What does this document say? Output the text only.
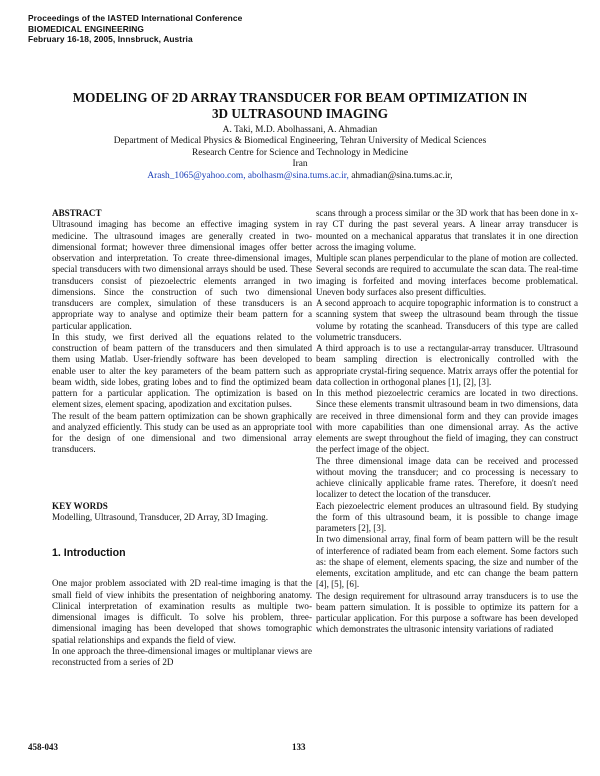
Proceedings of the IASTED International Conference
BIOMEDICAL ENGINEERING
February 16-18, 2005, Innsbruck, Austria
MODELING OF 2D ARRAY TRANSDUCER FOR BEAM OPTIMIZATION IN
3D ULTRASOUND IMAGING
A. Taki, M.D. Abolhassani, A. Ahmadian
Department of Medical Physics & Biomedical Engineering, Tehran University of Medical Sciences
Research Centre for Science and Technology in Medicine
Iran
Arash_1065@yahoo.com, abolhasm@sina.tums.ac.ir, ahmadian@sina.tums.ac.ir,

ABSTRACT

Ultrasound imaging has become an effective imaging system in medicine. The ultrasound images are generally created in two-dimensional format; however three dimensional images offer better observation and interpretation. To create three-dimensional images, special transducers with two dimensional arrays should be used. These transducers consist of piezoelectric elements arranged in two dimensions. Since the construction of such two dimensional transducers are complex, simulation of these transducers is an appropriate way to analyse and optimize their beam pattern for a particular application.

In this study, we first derived all the equations related to the construction of beam pattern of the transducers and then simulated them using Matlab. User-friendly software has been developed to enable user to alter the key parameters of the beam pattern such as beam width, side lobes, grating lobes and to find the optimized beam pattern for a particular application. The optimization is based on element sizes, element spacing, apodization and excitation pulses.

The result of the beam pattern optimization can be shown graphically and analyzed efficiently. This study can be used as an appropriate tool for the design of one dimensional and two dimensional array transducers.

KEY WORDS

Modelling, Ultrasound, Transducer, 2D Array, 3D Imaging.

1. Introduction

One major problem associated with 2D real-time imaging is that the small field of view inhibits the presentation of neighboring anatomy. Clinical interpretation of examination results as multiple two-dimensional images is difficult. To solve his problem, three-dimensional imaging has been developed that shows tomographic spatial relationships and expands the field of view.

In one approach the three-dimensional images or multiplanar views are reconstructed from a series of 2D

scans through a process similar or the 3D work that has been done in x-ray CT during the past several years. A linear array transducer is mounted on a mechanical apparatus that translates it in one direction across the imaging volume.

Multiple scan planes perpendicular to the plane of motion are collected. Several seconds are required to accumulate the scan data. The real-time imaging is forfeited and moving interfaces become problematical. Uneven body surfaces also present difficulties.

A second approach to acquire topographic information is to construct a scanning system that sweep the ultrasound beam through the tissue volume by rotating the scanhead. Transducers of this type are called volumetric transducers.

A third approach is to use a rectangular-array transducer. Ultrasound beam sampling direction is electronically controlled with the appropriate crystal-firing sequence. Matrix arrays offer the potential for data collection in orthogonal planes [1], [2], [3].

In this method piezoelectric ceramics are located in two directions. Since these elements transmit ultrasound beam in two dimensions, data are received in three dimensional form and they can provide images with more capabilities than one dimensional array. As the active elements are swept throughout the field of imaging, they can construct the perfect image of the object.

The three dimensional image data can be received and processed without moving the transducer; and co processing is necessary to achieve clinically applicable frame rates. Therefore, it doesn't need localizer to detect the location of the transducer.

Each piezoelectric element produces an ultrasound field. By studying the form of this ultrasound beam, it is possible to change image parameters [2], [3].

In two dimensional array, final form of beam pattern will be the result of interference of radiated beam from each element. Some factors such as: the shape of element, elements spacing, the size and number of the elements, excitation amplitude, and etc can change the beam pattern [4], [5], [6].

The design requirement for ultrasound array transducers is to use the beam pattern simulation. It is possible to optimize its pattern for a particular application. For this purpose a software has been developed which demonstrates the ultrasonic intensity variations of radiated

458-043	133
